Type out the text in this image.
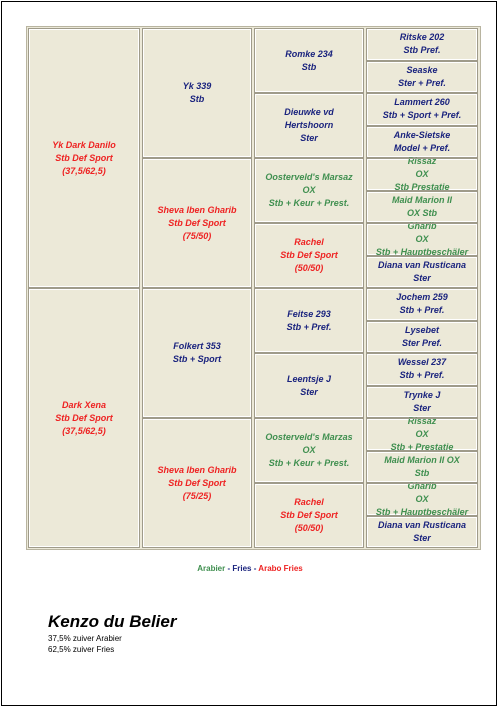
Yk Dark Danilo
Stb Def Sport
(37,5/62,5)
Dark Xena
Stb Def Sport
(37,5/62,5)
Yk 339
Stb
Sheva Iben Gharib
Stb Def Sport
(75/50)
Folkert 353
Stb + Sport
Sheva Iben Gharib
Stb Def Sport
(75/25)
Romke 234
Stb
Dieuwke vd
Hertshoorn
Ster
Oosterveld's Marsaz
OX
Stb + Keur + Prest.
Rachel
Stb Def Sport
(50/50)
Feitse 293
Stb + Pref.
Leentsje J
Ster
Oosterveld's Marzas
OX
Stb + Keur + Prest.
Rachel
Stb Def Sport
(50/50)
Ritske 202
Stb Pref.
Seaske
Ster + Pref.
Lammert 260
Stb + Sport + Pref.
Anke-Sietske
Model + Pref.
Rissaz
OX
Stb Prestatie
Maid Marion II
OX Stb
Gharib
OX
Stb + Hauptbeschäler
Diana van Rusticana
Ster
Jochem 259
Stb + Pref.
Lysebet
Ster Pref.
Wessel 237
Stb + Pref.
Trynke J
Ster
Rissaz
OX
Stb + Prestatie
Maid Marion II OX
Stb
Gharib
OX
Stb + Hauptbeschäler
Diana van Rusticana
Ster
Arabier - Fries - Arabo Fries
Kenzo du Belier
37,5% zuiver Arabier
62,5% zuiver Fries
